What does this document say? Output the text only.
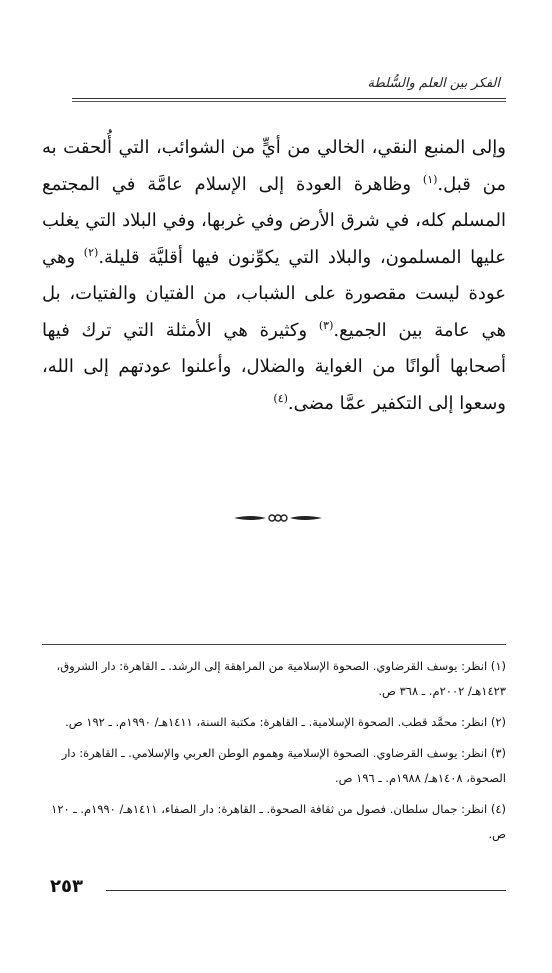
الفكر بين العلم والسُّلطة

وإلى المنبع النقي، الخالي من أيٍّ من الشوائب، التي أُلحقت به من قبل.$^{(١)}$ وظاهرة العودة إلى الإسلام عامَّة في المجتمع المسلم كله، في شرق الأرض وفي غربها، وفي البلاد التي يغلب عليها المسلمون، والبلاد التي يكوِّنون فيها أقليَّة قليلة.$^{(٢)}$ وهي عودة ليست مقصورة على الشباب، من الفتيان والفتيات، بل هي عامة بين الجميع.$^{(٣)}$ وكثيرة هي الأمثلة التي ترك فيها أصحابها ألوانًا من الغواية والضلال، وأعلنوا عودتهم إلى الله، وسعوا إلى التكفير عمَّا مضى.$^{(٤)}$

(١) انظر: يوسف القرضاوي. الصحوة الإسلامية من المراهقة إلى الرشد. ـ القاهرة: دار الشروق، ١٤٢٣هـ/ ٢٠٠٢م. ـ ٣٦٨ ص.
(٢) انظر: محمَّد قطب. الصحوة الإسلامية. ـ القاهرة: مكتبة السنة، ١٤١١هـ/ ١٩٩٠م. ـ ١٩٢ ص.
(٣) انظر: يوسف القرضاوي. الصحوة الإسلامية وهموم الوطن العربي والإسلامي. ـ القاهرة: دار الصحوة، ١٤٠٨هـ/ ١٩٨٨م. ـ ١٩٦ ص.
(٤) انظر: جمال سلطان. فصول من ثقافة الصحوة. ـ القاهرة: دار الصفاء، ١٤١١هـ/ ١٩٩٠م. ـ ١٢٠ ص.
٢٥٣
